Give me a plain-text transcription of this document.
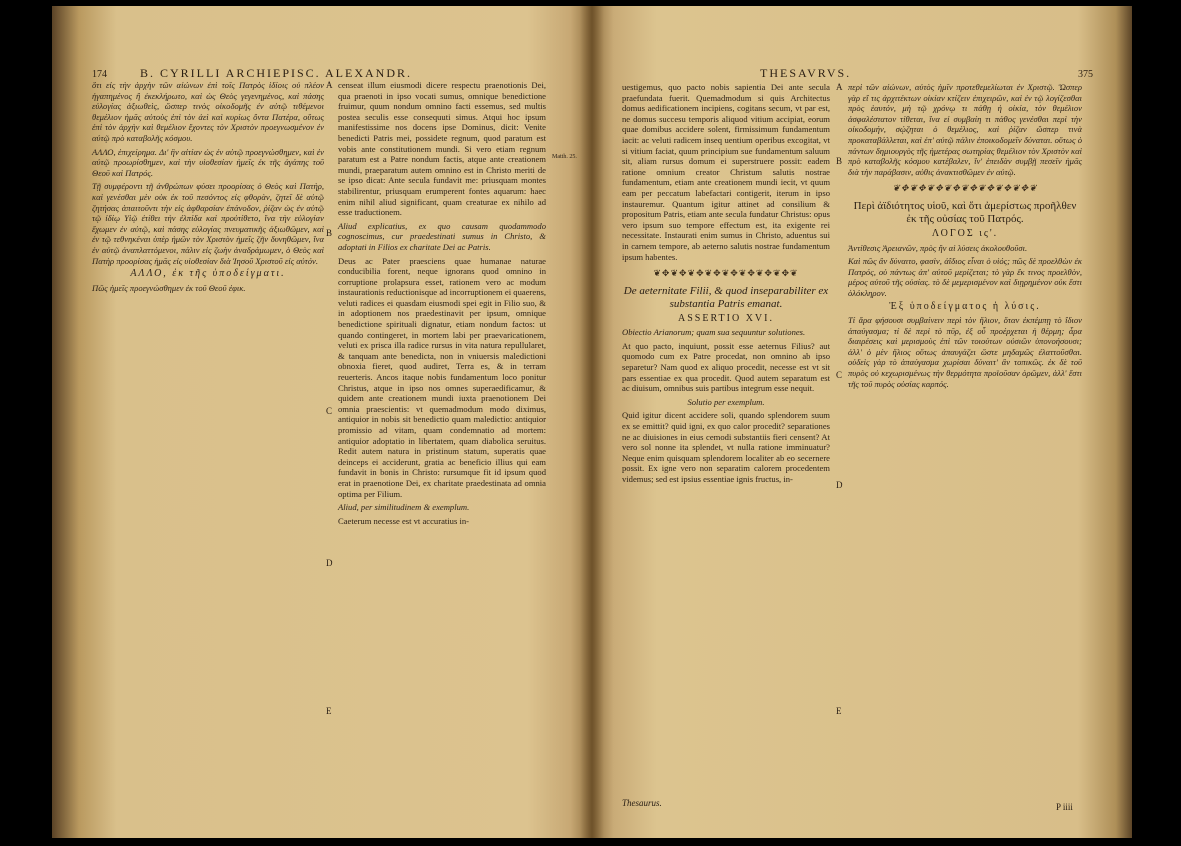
174	B. CYRILLI ARCHIEPISC. ALEXANDR.

ὅτι εἰς τὴν ἀρχὴν τῶν αἰώνων ἐπὶ τοῖς Πατρὸς ἰδίοις οὐ πλέον ἠγαπημένος ἢ ἐκεκλήρωτο, καὶ ὡς Θεὸς γεγενημένος, καὶ πάσης εὐλογίας ἀξιωθεὶς, ὥσπερ τινὸς οἰκοδομῆς ἐν αὐτῷ τιθέμενοι θεμέλιον ἡμᾶς αὐτοὺς ἐπὶ τὸν ἀεὶ καὶ κυρίως ὄντα Πατέρα, οὕτως ἐπὶ τὸν ἀρχὴν καὶ θεμέλιον ἔχοντες τὸν Χριστὸν προεγνωσμένον ἐν αὐτῷ πρὸ καταβολῆς κόσμου.

ΑΛΛΟ, ἐπιχείρημα. Δι' ἣν αἰτίαν ὡς ἐν αὐτῷ προεγνώσθημεν, καὶ ἐν αὐτῷ προωρίσθημεν, καὶ τὴν υἱοθεσίαν ἡμεῖς ἐκ τῆς ἀγάπης τοῦ Θεοῦ καὶ Πατρός.

Τῇ συμφέροντι τῇ ἀνθρώπων φύσει προορίσας ὁ Θεὸς καὶ Πατὴρ, καὶ γενέσθαι μὲν οὐκ ἐκ τοῦ πεσόντος εἰς φθορὰν, ζητεῖ δὲ αὐτῷ ζητήσας ἀπαιτοῦντι τὴν εἰς ἀφθαρσίαν ἐπάνοδον, ῥίζαν ὡς ἐν αὐτῷ τῷ ἰδίῳ Υἱῷ ἐτίθει τὴν ἐλπίδα καὶ προὐτίθετο, ἵνα τὴν εὐλογίαν ἔχωμεν ἐν αὐτῷ, καὶ πάσης εὐλογίας πνευματικῆς ἀξιωθῶμεν, καὶ ἐν τῷ τεθνηκέναι ὑπὲρ ἡμῶν τὸν Χριστὸν ἡμεῖς ζῆν δυνηθῶμεν, ἵνα ἐν αὐτῷ ἀναπλαττόμενοι, πάλιν εἰς ζωὴν ἀναδράμωμεν, ὁ Θεὸς καὶ Πατὴρ προορίσας ἡμᾶς εἰς υἱοθεσίαν διὰ Ἰησοῦ Χριστοῦ εἰς αὐτόν.

ΑΛΛΟ, ἐκ τῆς ὑποδείγματι.

Πῶς ἡμεῖς προεγνώσθημεν ἐκ τοῦ Θεοῦ ἐφικ.

A
B
C
D
E

censeat illum eiusmodi dicere respectu praenotionis Dei, qua praenoti in ipso vocati sumus, omnique benedictione fruimur, quum nondum omnino facti essemus, sed multis postea seculis esse consequuti simus. Atqui hoc ipsum manifestissime nos docens ipse Dominus, dicit: Venite benedicti Patris mei, possidete regnum, quod paratum est vobis ante constitutionem mundi. Si vero etiam regnum paratum est a Patre nondum factis, atque ante creationem mundi, praeparatum autem omnino est in Christo meriti de se ipso dicat: Ante secula fundavit me: priusquam montes stabilirentur, priusquam erumperent fontes aquarum: haec enim nihil aliud significant, quam creaturae ex nihilo ad esse traductionem.

Aliud explicatius, ex quo causam quodammodo cognoscimus, cur praedestinati sumus in Christo, & adoptati in Filios ex charitate Dei ac Patris.

Deus ac Pater praesciens quae humanae naturae conducibilia forent, neque ignorans quod omnino in corruptione prolapsura esset, rationem vero ac modum instaurationis reductionisque ad incorruptionem ei quaerens, veluti radices ei quasdam eiusmodi spei egit in Filio suo, & in adoptionem nos praedestinavit per ipsum, omnique benedictione spirituali dignatur, etiam nondum factos: ut quando contingeret, in mortem labi per praevaricationem, veluti ex prisca illa radice rursus in vita natura repullularet, & tanquam ante benedicta, non in vniuersis maledictioni obnoxia fieret, quod audiret, Terra es, & in terram reuerteris. Ancos itaque nobis fundamentum loco ponitur Christus, atque in ipso nos omnes superaedificamur, & quidem ante creationem mundi iuxta praenotionem Dei omnia praescientis: vt quemadmodum modo diximus, antiquior in nobis sit benedictio quam maledictio: antiquior promissio ad vitam, quam condemnatio ad mortem: antiquior adoptatio in libertatem, quam diabolica seruitus. Redit autem natura in pristinum statum, superatis quae deinceps ei acciderunt, gratia ac beneficio illius qui eam fundavit in bonis in Christo: rursumque fit id ipsum quod erat in praenotione Dei, ex charitate praedestinata ad omnia optima per Filium.

Aliud, per similitudinem & exemplum.

Caeterum necesse est vt accuratius in-

Matth. 25.
THESAVRVS.	375

uestigemus, quo pacto nobis sapientia Dei ante secula praefundata fuerit. Quemadmodum si quis Architectus domus aedificationem incipiens, cogitans secum, vt par est, ne domus succesu temporis aliquod vitium accipiat, eorum quae domibus accidere solent, firmissimum fundamentum iacit: ac veluti radicem inseq uentium operibus excogitat, vt si vitium faciat, quum principium sue fundamentum saluum sit, aliam rursus domum ei superstruere possit: eadem ratione omnium creator Christum salutis nostrae fundamentum, etiam ante creationem mundi iecit, vt quum eam per peccatum labefactari contigerit, iterum in ipso instauremur. Quantum igitur attinet ad consilium & propositum Patris, etiam ante secula fundatur Christus: opus vero ipsum suo tempore effectum est, ita exigente rei necessitate. Instaurati enim sumus in Christo, aduentus sui in carnem tempore, ab aeterno salutis nostrae fundamentum ipsum habentes.

❦✥❦✥❦✥❦✥❦✥❦✥❦✥❦✥❦

De aeternitate Filii, & quod inseparabiliter ex substantia Patris emanat.

ASSERTIO XVI.

Obiectio Arianorum; quam sua sequuntur solutiones.

At quo pacto, inquiunt, possit esse aeternus Filius? aut quomodo cum ex Patre procedat, non omnino ab ipso separetur? Nam quod ex aliquo procedit, necesse est vt sit pars essentiae ex qua procedit. Quod autem separatum est ac diuisum, omnibus suis partibus integrum esse nequit.

Solutio per exemplum.

Quid igitur dicent accidere soli, quando splendorem suum ex se emittit? quid igni, ex quo calor procedit? separationes ne ac diuisiones in eius cemodi substantiis fieri censent? At vero sol nonne ita splendet, vt nulla ratione imminuatur? Neque enim quisquam splendorem localiter ab eo secernere possit. Ex igne vero non separatim calorem procedentem videmus; sed est ipsius essentiae ignis fructus, in-

A
B
C
D
E

περὶ τῶν αἰώνων, αὐτὸς ἡμῖν προτεθεμελίωται ἐν Χριστῷ. Ὥσπερ γὰρ εἴ τις ἀρχιτέκτων οἰκίαν κτίζειν ἐπιχειρῶν, καὶ ἐν τῷ λογίζεσθαι πρὸς ἑαυτόν, μὴ τῷ χρόνῳ τι πάθῃ ἡ οἰκία, τὸν θεμέλιον ἀσφαλέστατον τίθεται, ἵνα εἰ συμβαίη τι πάθος γενέσθαι περὶ τὴν οἰκοδομήν, σῴζηται ὁ θεμέλιος, καὶ ῥίζαν ὥσπερ τινὰ προκαταβάλλεται, καὶ ἐπ' αὐτῷ πάλιν ἐποικοδομεῖν δύναται. οὕτως ὁ πάντων δημιουργὸς τῆς ἡμετέρας σωτηρίας θεμέλιον τὸν Χριστὸν καὶ πρὸ καταβολῆς κόσμου κατέβαλεν, ἵν' ἐπειδὰν συμβῇ πεσεῖν ἡμᾶς διὰ τὴν παράβασιν, αὐθις ἀνακτισθῶμεν ἐν αὐτῷ.

❦✥❦✥❦✥❦✥❦✥❦✥❦✥❦✥❦

Περὶ ἀϊδιότητος υἱοῦ, καὶ ὅτι ἀμερίστως προῆλθεν ἐκ τῆς οὐσίας τοῦ Πατρός.

ΛΟΓΟΣ ις'.

Ἀντίθεσις Ἀρειανῶν, πρὸς ἣν αἱ λύσεις ἀκολουθοῦσι.

Καὶ πῶς ἂν δύναιτο, φασὶν, ἀΐδιος εἶναι ὁ υἱός; πῶς δὲ προελθὼν ἐκ Πατρός, οὐ πάντως ἀπ' αὐτοῦ μερίζεται; τὸ γὰρ ἔκ τινος προελθὸν, μέρος αὐτοῦ τῆς οὐσίας. τὸ δὲ μεμερισμένον καὶ διῃρημένον οὐκ ἔστι ὁλόκληρον.

Ἐξ ὑποδείγματος ἡ λύσις.

Τί ἄρα φήσουσι συμβαίνειν περὶ τὸν ἥλιον, ὅταν ἐκπέμπῃ τὸ ἴδιον ἀπαύγασμα; τί δὲ περὶ τὸ πῦρ, ἐξ οὗ προέρχεται ἡ θέρμη; ἆρα διαιρέσεις καὶ μερισμοὺς ἐπὶ τῶν τοιούτων οὐσιῶν ὑπονοήσουσι; ἀλλ' ὁ μὲν ἥλιος οὕτως ἀπαυγάζει ὥστε μηδαμῶς ἐλαττοῦσθαι. οὐδεὶς γὰρ τὸ ἀπαύγασμα χωρίσαι δύναιτ' ἂν τοπικῶς. ἐκ δὲ τοῦ πυρὸς οὐ κεχωρισμένως τὴν θερμότητα προϊοῦσαν ὁρῶμεν, ἀλλ' ἔστι τῆς τοῦ πυρὸς οὐσίας καρπός.

Thesaurus.	P iiii
